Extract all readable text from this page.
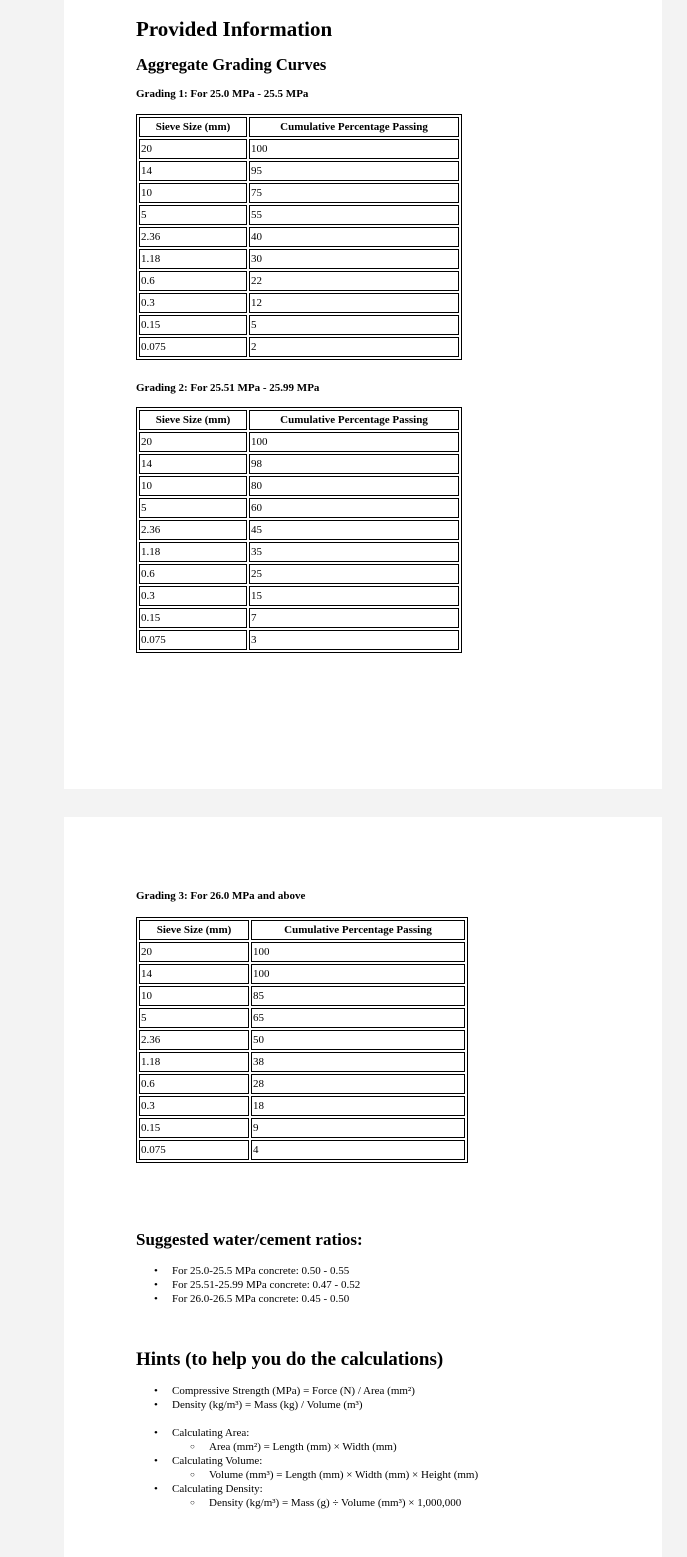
Provided Information
Aggregate Grading Curves

Grading 1: For 25.0 MPa - 25.5 MPa

Sieve Size (mm)	Cumulative Percentage Passing
20	100
14	95
10	75
5	55
2.36	40
1.18	30
0.6	22
0.3	12
0.15	5
0.075	2

Grading 2: For 25.51 MPa - 25.99 MPa

Sieve Size (mm)	Cumulative Percentage Passing
20	100
14	98
10	80
5	60
2.36	45
1.18	35
0.6	25
0.3	15
0.15	7
0.075	3

Grading 3: For 26.0 MPa and above

Sieve Size (mm)	Cumulative Percentage Passing
20	100
14	100
10	85
5	65
2.36	50
1.18	38
0.6	28
0.3	18
0.15	9
0.075	4
Suggested water/cement ratios:
• For 25.0-25.5 MPa concrete: 0.50 - 0.55
• For 25.51-25.99 MPa concrete: 0.47 - 0.52
• For 26.0-26.5 MPa concrete: 0.45 - 0.50
Hints (to help you do the calculations)
• Compressive Strength (MPa) = Force (N) / Area (mm²)
• Density (kg/m³) = Mass (kg) / Volume (m³)
• Calculating Area:
○ Area (mm²) = Length (mm) × Width (mm)
• Calculating Volume:
○ Volume (mm³) = Length (mm) × Width (mm) × Height (mm)
• Calculating Density:
○ Density (kg/m³) = Mass (g) ÷ Volume (mm³) × 1,000,000
